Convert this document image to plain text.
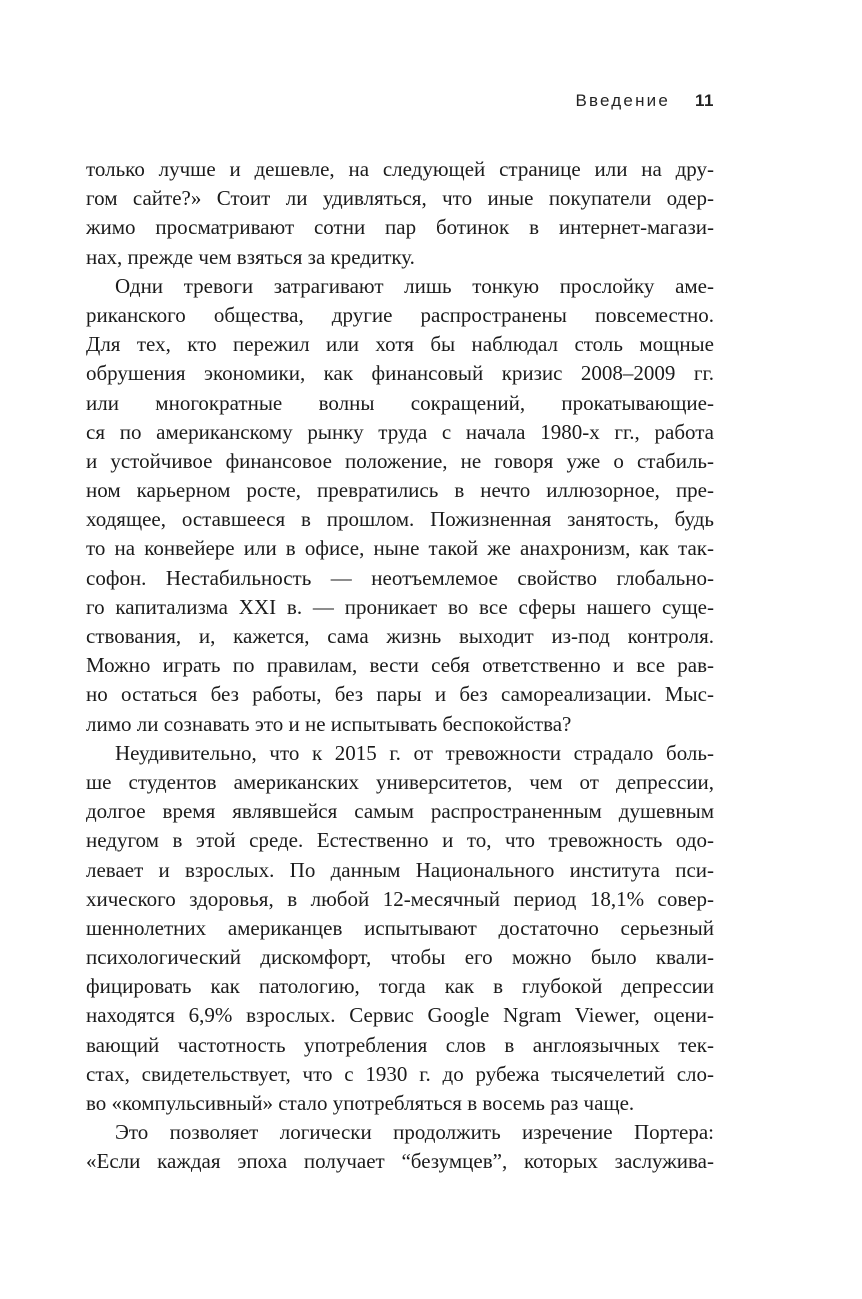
Введение 11
только лучше и дешевле, на следующей странице или на дру-
гом сайте?» Стоит ли удивляться, что иные покупатели одер-
жимо просматривают сотни пар ботинок в интернет-магази-
нах, прежде чем взяться за кредитку.
Одни тревоги затрагивают лишь тонкую прослойку аме-
риканского общества, другие распространены повсеместно.
Для тех, кто пережил или хотя бы наблюдал столь мощные
обрушения экономики, как финансовый кризис 2008–2009 гг.
или многократные волны сокращений, прокатывающие-
ся по американскому рынку труда с начала 1980-х гг., работа
и устойчивое финансовое положение, не говоря уже о стабиль-
ном карьерном росте, превратились в нечто иллюзорное, пре-
ходящее, оставшееся в прошлом. Пожизненная занятость, будь
то на конвейере или в офисе, ныне такой же анахронизм, как так-
софон. Нестабильность — неотъемлемое свойство глобально-
го капитализма XXI в. — проникает во все сферы нашего суще-
ствования, и, кажется, сама жизнь выходит из-под контроля.
Можно играть по правилам, вести себя ответственно и все рав-
но остаться без работы, без пары и без самореализации. Мыс-
лимо ли сознавать это и не испытывать беспокойства?
Неудивительно, что к 2015 г. от тревожности страдало боль-
ше студентов американских университетов, чем от депрессии,
долгое время являвшейся самым распространенным душевным
недугом в этой среде. Естественно и то, что тревожность одо-
левает и взрослых. По данным Национального института пси-
хического здоровья, в любой 12-месячный период 18,1% совер-
шеннолетних американцев испытывают достаточно серьезный
психологический дискомфорт, чтобы его можно было квали-
фицировать как патологию, тогда как в глубокой депрессии
находятся 6,9% взрослых. Сервис Google Ngram Viewer, оцени-
вающий частотность употребления слов в англоязычных тек-
стах, свидетельствует, что с 1930 г. до рубежа тысячелетий сло-
во «компульсивный» стало употребляться в восемь раз чаще.
Это позволяет логически продолжить изречение Портера:
«Если каждая эпоха получает “безумцев”, которых заслужива-
